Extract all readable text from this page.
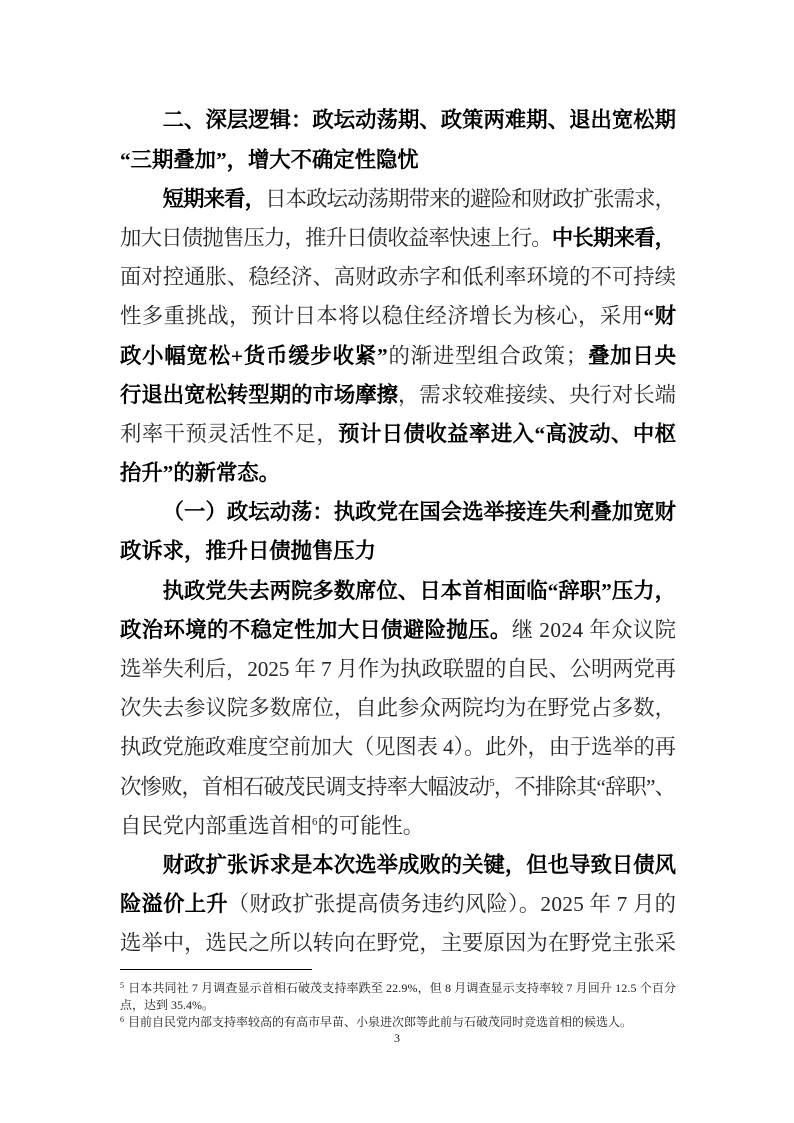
二、深层逻辑：政坛动荡期、政策两难期、退出宽松期
“三期叠加”，增大不确定性隐忧
短期来看，日本政坛动荡期带来的避险和财政扩张需求，
加大日债抛售压力，推升日债收益率快速上行。中长期来看，
面对控通胀、稳经济、高财政赤字和低利率环境的不可持续
性多重挑战，预计日本将以稳住经济增长为核心，采用“财
政小幅宽松+货币缓步收紧”的渐进型组合政策；叠加日央
行退出宽松转型期的市场摩擦，需求较难接续、央行对长端
利率干预灵活性不足，预计日债收益率进入“高波动、中枢
抬升”的新常态。
（一）政坛动荡：执政党在国会选举接连失利叠加宽财
政诉求，推升日债抛售压力
执政党失去两院多数席位、日本首相面临“辞职”压力，
政治环境的不稳定性加大日债避险抛压。继 2024 年众议院
选举失利后，2025 年 7 月作为执政联盟的自民、公明两党再
次失去参议院多数席位，自此参众两院均为在野党占多数，
执政党施政难度空前加大（见图表 4）。此外，由于选举的再
次惨败，首相石破茂民调支持率大幅波动$^5$，不排除其“辞职”、
自民党内部重选首相$^6$的可能性。
财政扩张诉求是本次选举成败的关键，但也导致日债风
险溢价上升（财政扩张提高债务违约风险）。2025 年 7 月的
选举中，选民之所以转向在野党，主要原因为在野党主张采
$^5$ 日本共同社 7 月调查显示首相石破茂支持率跌至 22.9%，但 8 月调查显示支持率较 7 月回升 12.5 个百分
点，达到 35.4%。
$^6$ 目前自民党内部支持率较高的有高市早苗、小泉进次郎等此前与石破茂同时竞选首相的候选人。
3
